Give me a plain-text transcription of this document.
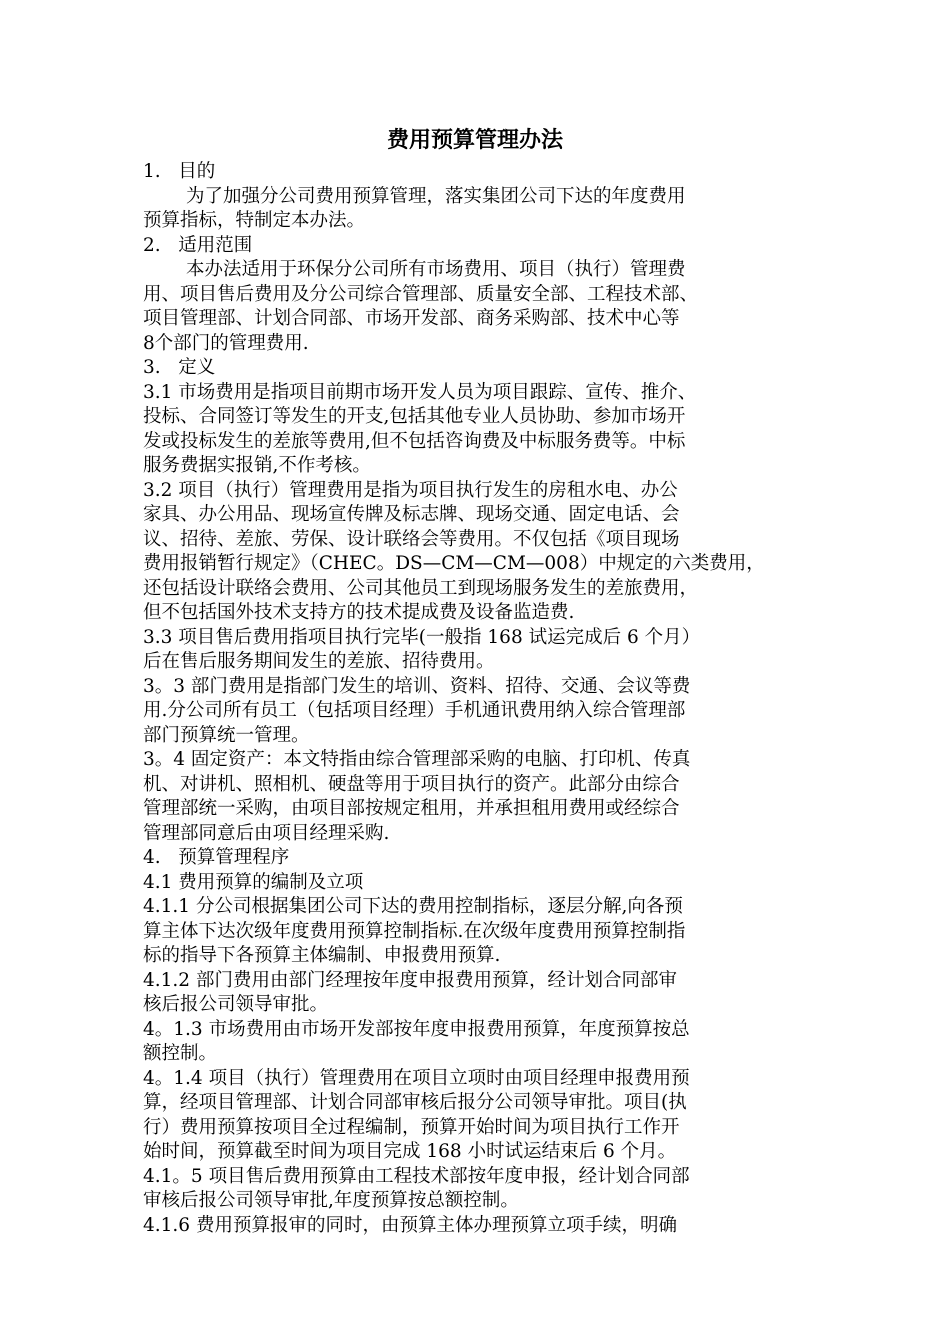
费用预算管理办法
1.   目的
为了加强分公司费用预算管理，落实集团公司下达的年度费用
预算指标，特制定本办法。
2.   适用范围
本办法适用于环保分公司所有市场费用、项目（执行）管理费
用、项目售后费用及分公司综合管理部、质量安全部、工程技术部、
项目管理部、计划合同部、市场开发部、商务采购部、技术中心等
8个部门的管理费用.
3.   定义
3.1 市场费用是指项目前期市场开发人员为项目跟踪、宣传、推介、
投标、合同签订等发生的开支,包括其他专业人员协助、参加市场开
发或投标发生的差旅等费用,但不包括咨询费及中标服务费等。中标
服务费据实报销,不作考核。
3.2 项目（执行）管理费用是指为项目执行发生的房租水电、办公
家具、办公用品、现场宣传牌及标志牌、现场交通、固定电话、会
议、招待、差旅、劳保、设计联络会等费用。不仅包括《项目现场
费用报销暂行规定》（CHEC。DS—CM—CM—008）中规定的六类费用，
还包括设计联络会费用、公司其他员工到现场服务发生的差旅费用，
但不包括国外技术支持方的技术提成费及设备监造费.
3.3 项目售后费用指项目执行完毕(一般指 168 试运完成后 6 个月）
后在售后服务期间发生的差旅、招待费用。
3。3 部门费用是指部门发生的培训、资料、招待、交通、会议等费
用.分公司所有员工（包括项目经理）手机通讯费用纳入综合管理部
部门预算统一管理。
3。4 固定资产：本文特指由综合管理部采购的电脑、打印机、传真
机、对讲机、照相机、硬盘等用于项目执行的资产。此部分由综合
管理部统一采购，由项目部按规定租用，并承担租用费用或经综合
管理部同意后由项目经理采购.
4.   预算管理程序
4.1 费用预算的编制及立项
4.1.1 分公司根据集团公司下达的费用控制指标，逐层分解,向各预
算主体下达次级年度费用预算控制指标.在次级年度费用预算控制指
标的指导下各预算主体编制、申报费用预算.
4.1.2 部门费用由部门经理按年度申报费用预算，经计划合同部审
核后报公司领导审批。
4。1.3 市场费用由市场开发部按年度申报费用预算，年度预算按总
额控制。
4。1.4 项目（执行）管理费用在项目立项时由项目经理申报费用预
算，经项目管理部、计划合同部审核后报分公司领导审批。项目(执
行）费用预算按项目全过程编制，预算开始时间为项目执行工作开
始时间，预算截至时间为项目完成 168 小时试运结束后 6 个月。
4.1。5 项目售后费用预算由工程技术部按年度申报，经计划合同部
审核后报公司领导审批,年度预算按总额控制。
4.1.6 费用预算报审的同时，由预算主体办理预算立项手续，明确
